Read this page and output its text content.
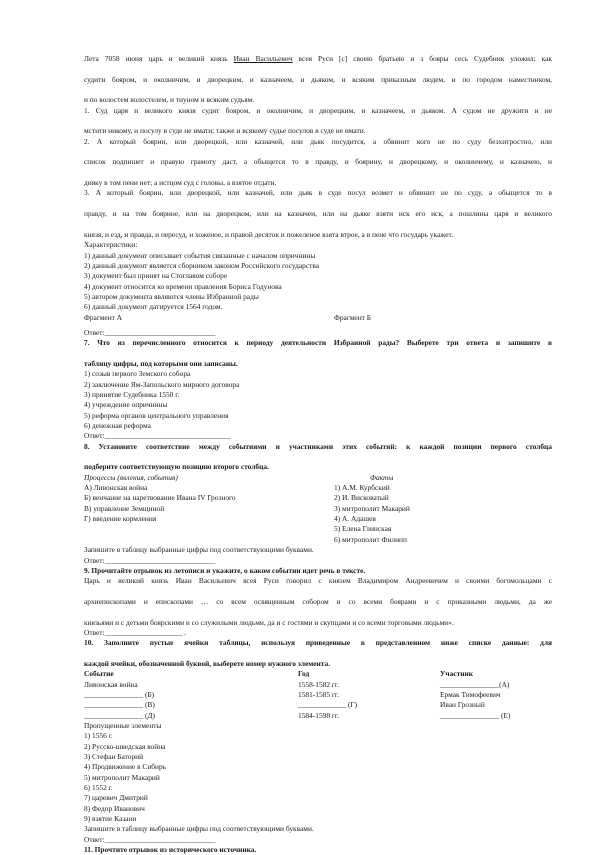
Лета 7058 июня царь и великий князь Иван Васильевич всея Руси [с] своею братьею и з бояры сесь Судебник уложил; как
судити бояром, и околничим, и дворецким, и казначеем, и дьяком, и всяким приказным людем, и по городом наместником,
и по волостем волостелем, и тиуном и всяким судьям.
1. Суд царя и великого князя судит бояром, и околничим, и дворецким, и казначеем, и дьяком. А судом не дружити и не
мстити никому, и посулу в суде не имати; также и всякому судье посулов в суде не имати.
2. А который боярин, или дворецкой, или казначей, или дьяк посудится, а обвинит кого не по суду безхитростно, или
список подпишет и правую грамоту даст, а обыщется то в правду, и боярину, и дворецкому, и околничему, и казначею, и
дияку в том пени нет; а истцом суд с головы, а взятое отдати.
3. А который боярин, или дворецкой, или казначей, или дьяк в суде посул возмет и обвинит не по суду, а обыщется то в
правду, и на том боярине, или на дворецком, или на казначеи, или на дьяке взяти иск его иск, а пошлины царя и великого
князя, и езд, и правда, и пересуд, и хоженое, и правой десяток и пожеленое взята втрое, а в пене что государь укажет.
Характеристики:
1) данный документ описывает события связанные с началом опричнины
2) данный документ является сборником законом Российского государства
3) документ был принят на Стоглавом соборе
4) документ относится ко времени правления Бориса Годунова
5) автором документа являются члены Избранной рады
6) данный документ датируется 1564 годом.
Фрагмент А	Фрагмент Б
Ответ:______________________________
7. Что из перечисленного относится к периоду деятельности Избранной рады? Выберете три ответа и запишите в
таблицу цифры, под которыми они записаны.
1) созыв первого Земского собора
2) заключение Ям-Запольского мирного договора
3) принятие Судебника 1550 г.
4) учреждение опричнины
5) реформа органов центрального управления
6) денежная реформа
Ответ:__________________________________
8. Установите соответствие между событиями и участниками этих событий: к каждой позиции первого столбца
подберите соответствующую позицию второго столбца.
Процессы (явления, события)	Факты
А) Ливонская война	1) А.М. Курбский
Б) венчание на наретвование Ивана IV Грозного	2) И. Висковатый
В) управление Земщиной	3) митрополит Макарий
Г) введение кормления	4) А. Адашев
5) Елена Глинская
6) митрополит Филипп
Запишите в таблицу выбранные цифры под соответствующими буквами.
Ответ:______________________________
9. Прочитайте отрывок из летописи и укажите, о каком событии идет речь в тексте.
Царь и великий князь Иван Васильевич всея Руси говорил с князем Владимиром Андреевичем и своими богомольцами с
архиепископами и епископами … со всем освященным собором и со всеми боярами и с приказными людьми, да же
князьями и с детьми боярскими и со служилыми людьми, да и с гостями и скупцами и со всеми торговыми людьми».
Ответ:_____________________ .
10. Заполните пустые ячейки таблицы, используя приведенные в представленном ниже списке данные: для
каждой ячейки, обозначенной буквой, выберете номер нужного элемента.
Событие	Год	Участник
Ливонская война	1558-1582 гг.	________________(А)
________________ (Б)	1581-1585 гг.	Ермак Тимофеевич
________________ (В)	_____________ (Г)	Иван Грозный
________________ (Д)	1584-1598 гг.	________________ (Е)
Пропущенные элементы
1) 1556 г.
2) Русско-шведская война
3) Стефан Баторий
4) Продвижение в Сибирь
5) митрополит Макарий
6) 1552 г.
7) царевич Дмитрий
8) Федор Иванович
9) взятие Казани
Запишите в таблицу выбранные цифры под соответствующими буквами.
Ответ:______________________________
11. Прочтите отрывок из исторического источника.
